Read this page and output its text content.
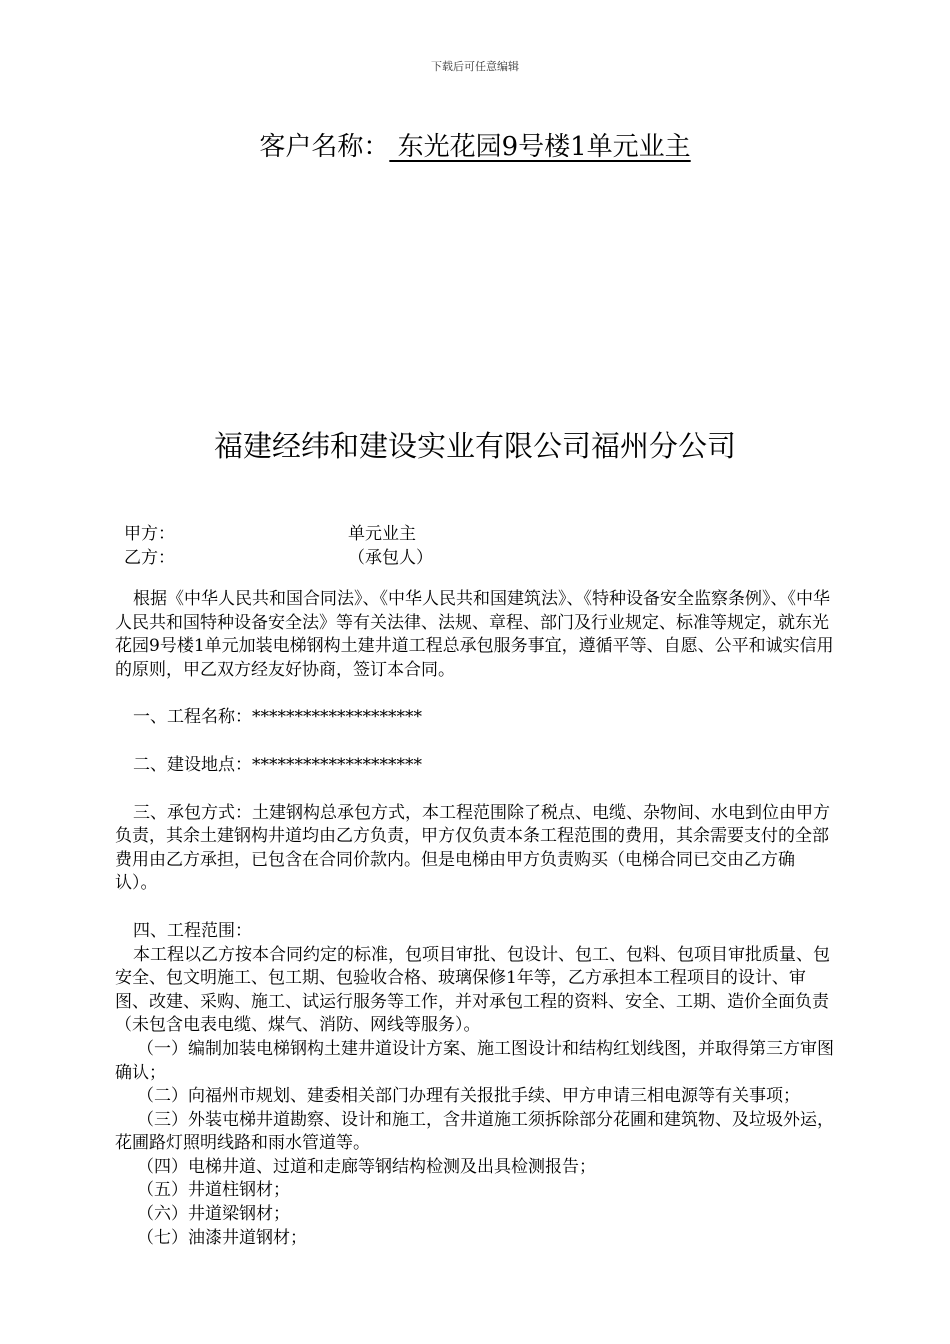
下载后可任意编辑
客户名称： 东光花园9号楼1单元业主
福建经纬和建设实业有限公司福州分公司
甲方：	单元业主
乙方：	（承包人）

根据《中华人民共和国合同法》、《中华人民共和国建筑法》、《特种设备安全监察条例》、《中华人民共和国特种设备安全法》等有关法律、法规、章程、部门及行业规定、标准等规定，就东光花园9号楼1单元加装电梯钢构土建井道工程总承包服务事宜，遵循平等、自愿、公平和诚实信用的原则，甲乙双方经友好协商，签订本合同。

一、工程名称：********************

二、建设地点：********************

三、承包方式：土建钢构总承包方式，本工程范围除了税点、电缆、杂物间、水电到位由甲方负责，其余土建钢构井道均由乙方负责，甲方仅负责本条工程范围的费用，其余需要支付的全部费用由乙方承担，已包含在合同价款内。但是电梯由甲方负责购买（电梯合同已交由乙方确认）。

四、工程范围：

本工程以乙方按本合同约定的标准，包项目审批、包设计、包工、包料、包项目审批质量、包安全、包文明施工、包工期、包验收合格、玻璃保修1年等，乙方承担本工程项目的设计、审图、改建、采购、施工、试运行服务等工作，并对承包工程的资料、安全、工期、造价全面负责（未包含电表电缆、煤气、消防、网线等服务）。

（一）编制加装电梯钢构土建井道设计方案、施工图设计和结构红划线图，并取得第三方审图确认；

（二）向福州市规划、建委相关部门办理有关报批手续、甲方申请三相电源等有关事项；

（三）外装屯梯井道勘察、设计和施工，含井道施工须拆除部分花圃和建筑物、及垃圾外运，花圃路灯照明线路和雨水管道等。

（四）电梯井道、过道和走廊等钢结构检测及出具检测报告；

（五）井道柱钢材；

（六）井道梁钢材；

（七）油漆井道钢材；
